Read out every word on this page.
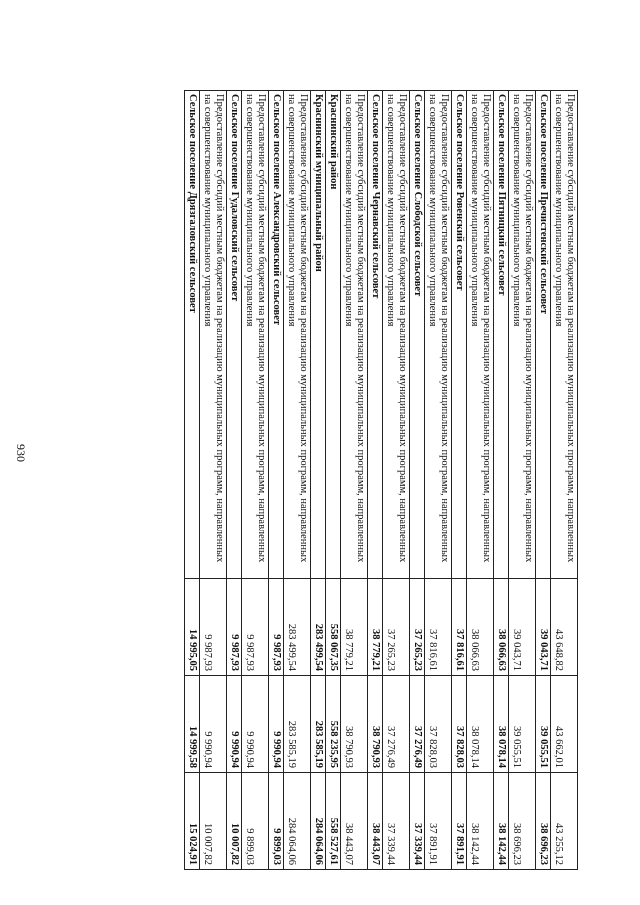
930	Предоставление субсидий местным бюджетам на реализацию муниципальных программ, направленных на совершенствование муниципального управления	43 648,82	43 662,01	43 255,12
Сельское поселение Пречистенский сельсовет	39 043,71	39 055,51	38 696,23
Предоставление субсидий местным бюджетам на реализацию муниципальных программ, направленных на совершенствование муниципального управления	39 043,71	39 055,51	38 696,23
Сельское поселение Пятницкий сельсовет	38 066,63	38 078,14	38 142,44
Предоставление субсидий местным бюджетам на реализацию муниципальных программ, направленных на совершенствование муниципального управления	38 066,63	38 078,14	38 142,44
Сельское поселение Ровенский сельсовет	37 816,61	37 828,03	37 891,91
Предоставление субсидий местным бюджетам на реализацию муниципальных программ, направленных на совершенствование муниципального управления	37 816,61	37 828,03	37 891,91
Сельское поселение Слободской сельсовет	37 265,23	37 276,49	37 339,44
Предоставление субсидий местным бюджетам на реализацию муниципальных программ, направленных на совершенствование муниципального управления	37 265,23	37 276,49	37 339,44
Сельское поселение Чернавский сельсовет	38 779,21	38 790,93	38 443,07
Предоставление субсидий местным бюджетам на реализацию муниципальных программ, направленных на совершенствование муниципального управления	38 779,21	38 790,93	38 443,07
Краснинский район	558 067,35	558 235,95	558 527,61
Краснинский муниципальный район	283 499,54	283 585,19	284 064,06
Предоставление субсидий местным бюджетам на реализацию муниципальных программ, направленных на совершенствование муниципального управления	283 499,54	283 585,19	284 064,06
Сельское поселение Александровский сельсовет	9 987,93	9 990,94	9 899,03
Предоставление субсидий местным бюджетам на реализацию муниципальных программ, направленных на совершенствование муниципального управления	9 987,93	9 990,94	9 899,03
Сельское поселение Гудаловский сельсовет	9 987,93	9 990,94	10 007,82
Предоставление субсидий местным бюджетам на реализацию муниципальных программ, направленных на совершенствование муниципального управления	9 987,93	9 990,94	10 007,82
Сельское поселение Дрязгаловский сельсовет	14 995,05	14 999,58	15 024,91
